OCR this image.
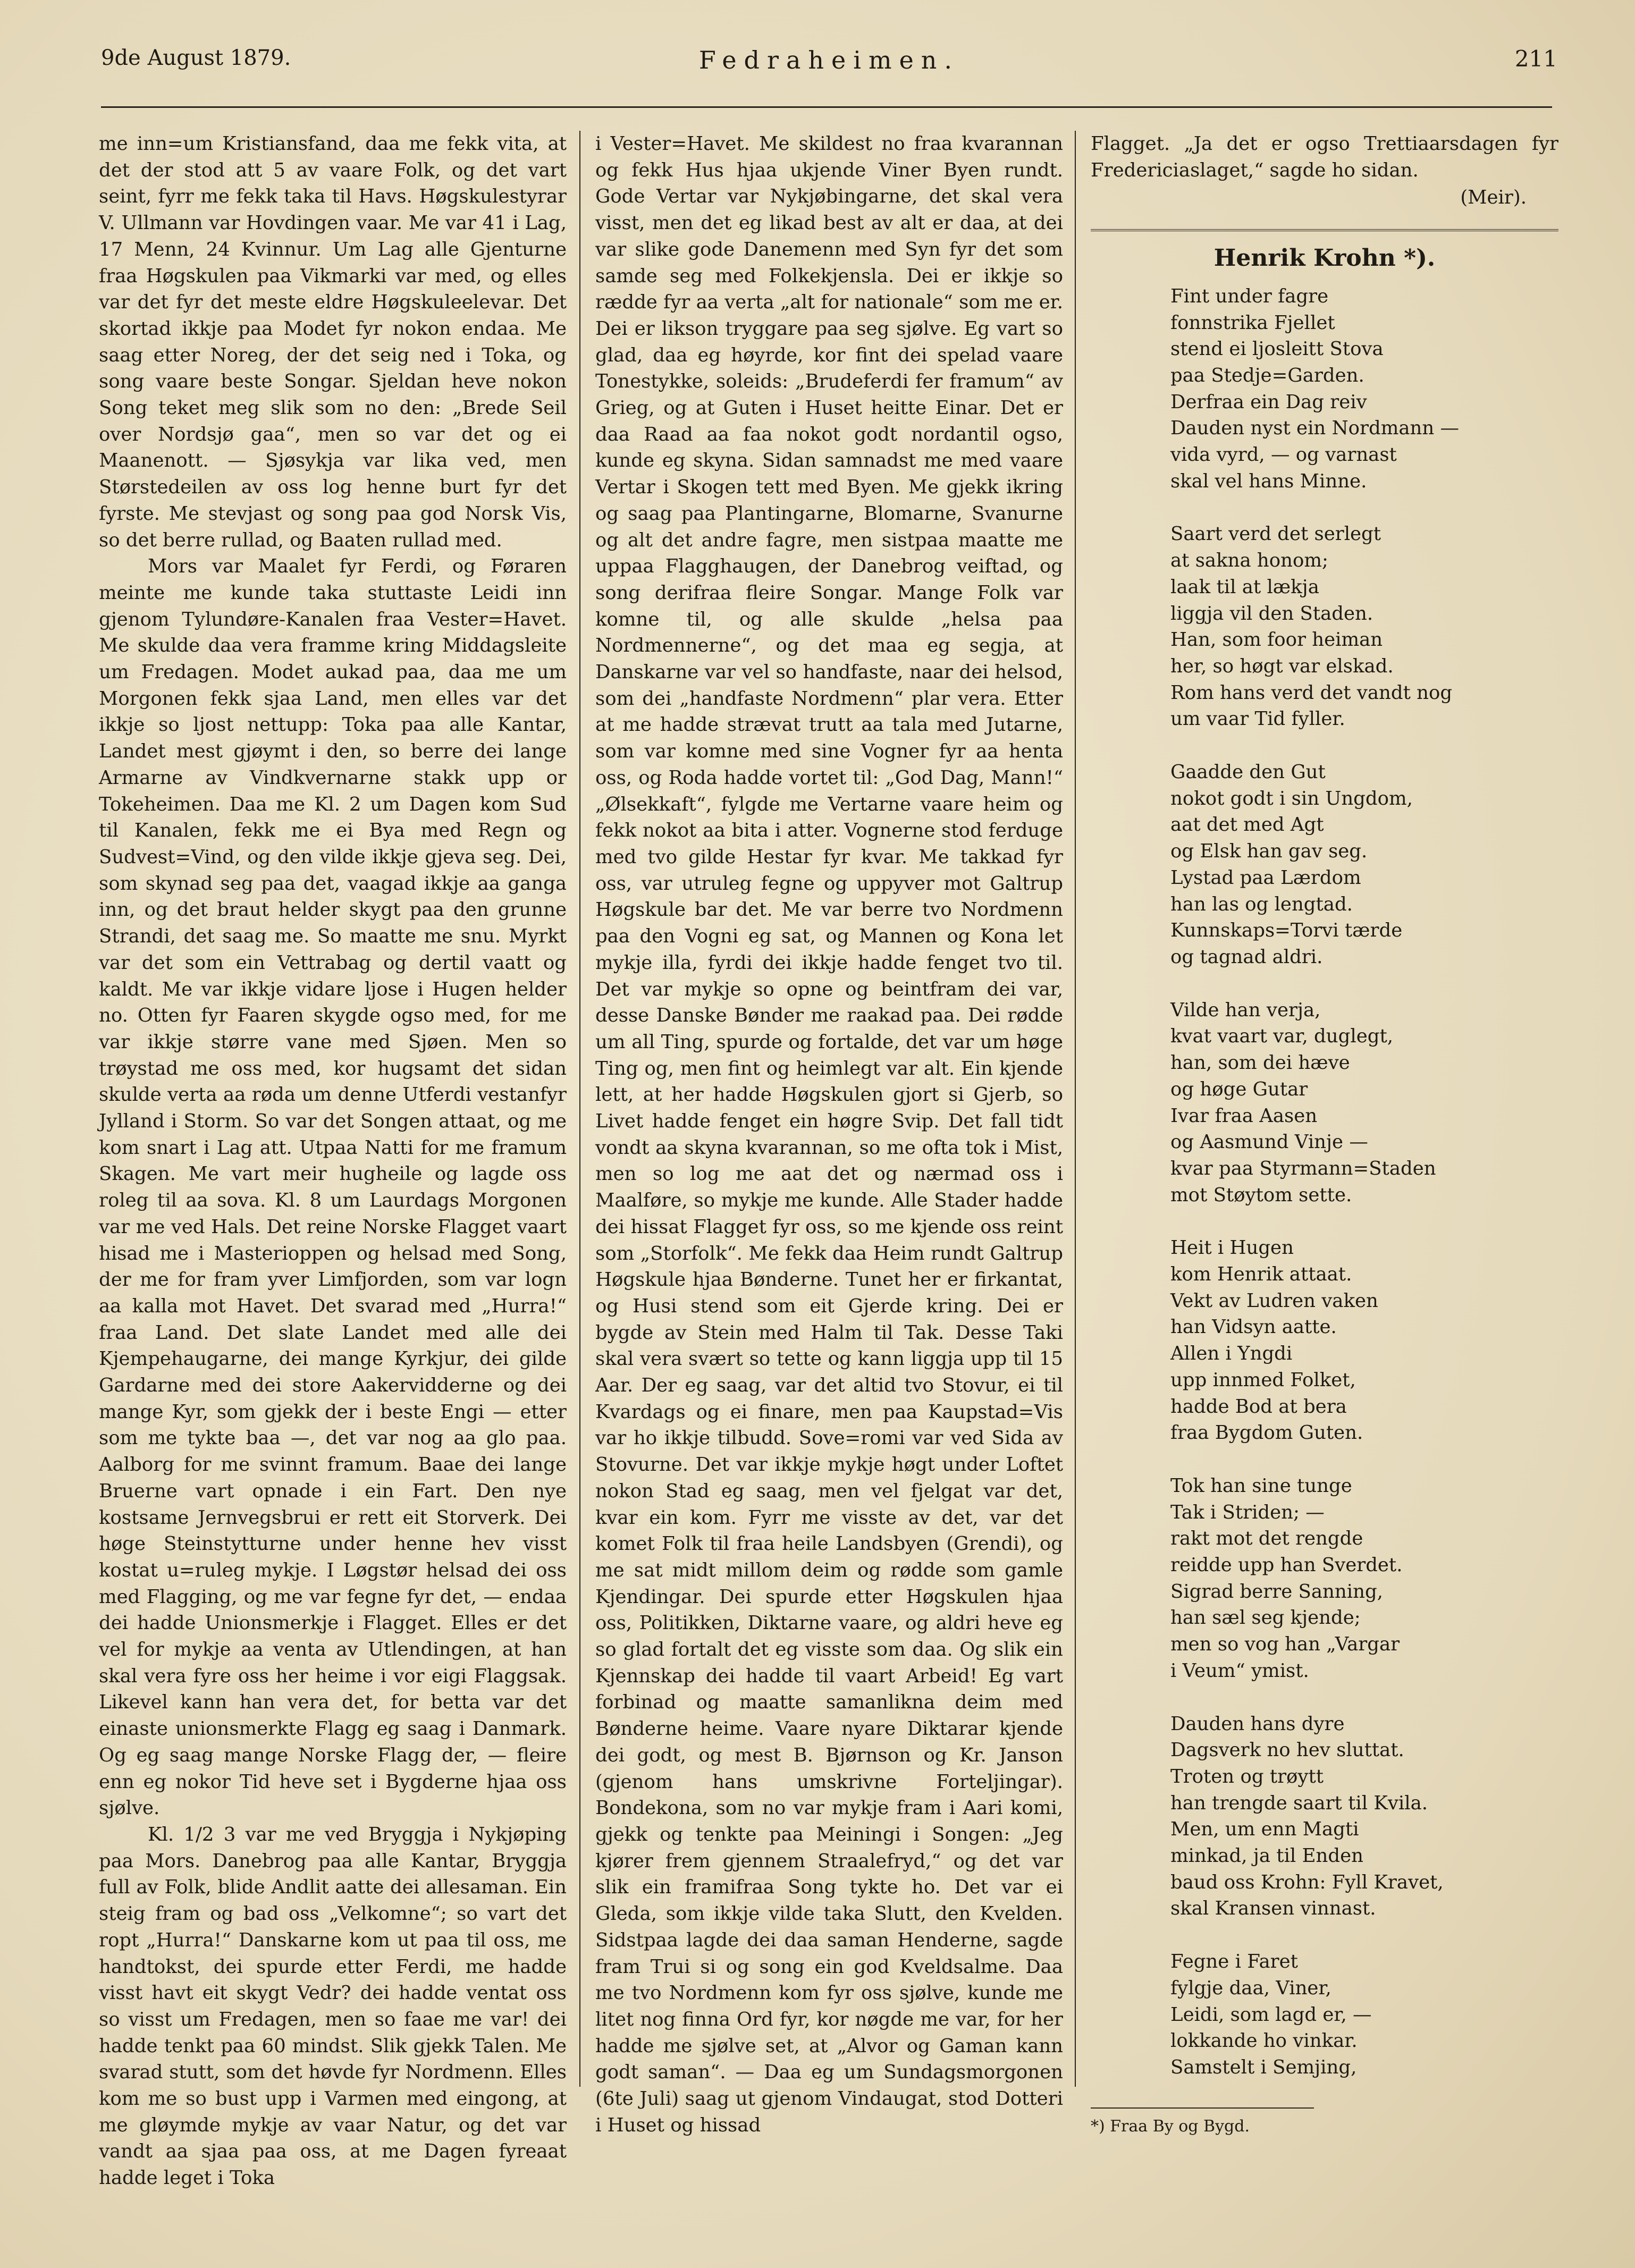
9de August 1879.	Fedraheimen.	211

me inn=um Kristiansfand, daa me fekk vita, at det der stod att 5 av vaare Folk, og det vart seint, fyrr me fekk taka til Havs. Høgskulestyrar V. Ullmann var Hovdingen vaar. Me var 41 i Lag, 17 Menn, 24 Kvinnur. Um Lag alle Gjenturne fraa Høgskulen paa Vikmarki var med, og elles var det fyr det meste eldre Høgskuleelevar. Det skortad ikkje paa Modet fyr nokon endaa. Me saag etter Noreg, der det seig ned i Toka, og song vaare beste Songar. Sjeldan heve nokon Song teket meg slik som no den: „Brede Seil over Nordsjø gaa“, men so var det og ei Maanenott. — Sjøsykja var lika ved, men Størstedeilen av oss log henne burt fyr det fyrste. Me stevjast og song paa god Norsk Vis, so det berre rullad, og Baaten rullad med.

Mors var Maalet fyr Ferdi, og Føraren meinte me kunde taka stuttaste Leidi inn gjenom Tylundøre-Kanalen fraa Vester=Havet. Me skulde daa vera framme kring Middagsleite um Fredagen. Modet aukad paa, daa me um Morgonen fekk sjaa Land, men elles var det ikkje so ljost nettupp: Toka paa alle Kantar, Landet mest gjøymt i den, so berre dei lange Armarne av Vindkvernarne stakk upp or Tokeheimen. Daa me Kl. 2 um Dagen kom Sud til Kanalen, fekk me ei Bya med Regn og Sudvest=Vind, og den vilde ikkje gjeva seg. Dei, som skynad seg paa det, vaagad ikkje aa ganga inn, og det braut helder skygt paa den grunne Strandi, det saag me. So maatte me snu. Myrkt var det som ein Vettrabag og dertil vaatt og kaldt. Me var ikkje vidare ljose i Hugen helder no. Otten fyr Faaren skygde ogso med, for me var ikkje større vane med Sjøen. Men so trøystad me oss med, kor hugsamt det sidan skulde verta aa røda um denne Utferdi vestanfyr Jylland i Storm. So var det Songen attaat, og me kom snart i Lag att. Utpaa Natti for me framum Skagen. Me vart meir hugheile og lagde oss roleg til aa sova. Kl. 8 um Laurdags Morgonen var me ved Hals. Det reine Norske Flagget vaart hisad me i Masterioppen og helsad med Song, der me for fram yver Limfjorden, som var logn aa kalla mot Havet. Det svarad med „Hurra!“ fraa Land. Det slate Landet med alle dei Kjempehaugarne, dei mange Kyrkjur, dei gilde Gardarne med dei store Aakervidderne og dei mange Kyr, som gjekk der i beste Engi — etter som me tykte baa —, det var nog aa glo paa. Aalborg for me svinnt framum. Baae dei lange Bruerne vart opnade i ein Fart. Den nye kostsame Jernvegsbrui er rett eit Storverk. Dei høge Steinstytturne under henne hev visst kostat u=ruleg mykje. I Løgstør helsad dei oss med Flagging, og me var fegne fyr det, — endaa dei hadde Unionsmerkje i Flagget. Elles er det vel for mykje aa venta av Utlendingen, at han skal vera fyre oss her heime i vor eigi Flaggsak. Likevel kann han vera det, for betta var det einaste unionsmerkte Flagg eg saag i Danmark. Og eg saag mange Norske Flagg der, — fleire enn eg nokor Tid heve set i Bygderne hjaa oss sjølve.

Kl. 1/2 3 var me ved Bryggja i Nykjøping paa Mors. Danebrog paa alle Kantar, Bryggja full av Folk, blide Andlit aatte dei allesaman. Ein steig fram og bad oss „Velkomne“; so vart det ropt „Hurra!“ Danskarne kom ut paa til oss, me handtokst, dei spurde etter Ferdi, me hadde visst havt eit skygt Vedr? dei hadde ventat oss so visst um Fredagen, men so faae me var! dei hadde tenkt paa 60 mindst. Slik gjekk Talen. Me svarad stutt, som det høvde fyr Nordmenn. Elles kom me so bust upp i Varmen med eingong, at me gløymde mykje av vaar Natur, og det var vandt aa sjaa paa oss, at me Dagen fyreaat hadde leget i Toka

i Vester=Havet. Me skildest no fraa kvarannan og fekk Hus hjaa ukjende Viner Byen rundt. Gode Vertar var Nykjøbingarne, det skal vera visst, men det eg likad best av alt er daa, at dei var slike gode Danemenn med Syn fyr det som samde seg med Folkekjensla. Dei er ikkje so rædde fyr aa verta „alt for nationale“ som me er. Dei er likson tryggare paa seg sjølve. Eg vart so glad, daa eg høyrde, kor fint dei spelad vaare Tonestykke, soleids: „Brudeferdi fer framum“ av Grieg, og at Guten i Huset heitte Einar. Det er daa Raad aa faa nokot godt nordantil ogso, kunde eg skyna. Sidan samnadst me med vaare Vertar i Skogen tett med Byen. Me gjekk ikring og saag paa Plantingarne, Blomarne, Svanurne og alt det andre fagre, men sistpaa maatte me uppaa Flagghaugen, der Danebrog veiftad, og song derifraa fleire Songar. Mange Folk var komne til, og alle skulde „helsa paa Nordmennerne“, og det maa eg segja, at Danskarne var vel so handfaste, naar dei helsod, som dei „handfaste Nordmenn“ plar vera. Etter at me hadde strævat trutt aa tala med Jutarne, som var komne med sine Vogner fyr aa henta oss, og Roda hadde vortet til: „God Dag, Mann!“ „Ølsekkaft“, fylgde me Vertarne vaare heim og fekk nokot aa bita i atter. Vognerne stod ferduge med tvo gilde Hestar fyr kvar. Me takkad fyr oss, var utruleg fegne og uppyver mot Galtrup Høgskule bar det. Me var berre tvo Nordmenn paa den Vogni eg sat, og Mannen og Kona let mykje illa, fyrdi dei ikkje hadde fenget tvo til. Det var mykje so opne og beintfram dei var, desse Danske Bønder me raakad paa. Dei rødde um all Ting, spurde og fortalde, det var um høge Ting og, men fint og heimlegt var alt. Ein kjende lett, at her hadde Høgskulen gjort si Gjerb, so Livet hadde fenget ein høgre Svip. Det fall tidt vondt aa skyna kvarannan, so me ofta tok i Mist, men so log me aat det og nærmad oss i Maalføre, so mykje me kunde. Alle Stader hadde dei hissat Flagget fyr oss, so me kjende oss reint som „Storfolk“. Me fekk daa Heim rundt Galtrup Høgskule hjaa Bønderne. Tunet her er firkantat, og Husi stend som eit Gjerde kring. Dei er bygde av Stein med Halm til Tak. Desse Taki skal vera svært so tette og kann liggja upp til 15 Aar. Der eg saag, var det altid tvo Stovur, ei til Kvardags og ei finare, men paa Kaupstad=Vis var ho ikkje tilbudd. Sove=romi var ved Sida av Stovurne. Det var ikkje mykje høgt under Loftet nokon Stad eg saag, men vel fjelgat var det, kvar ein kom. Fyrr me visste av det, var det komet Folk til fraa heile Landsbyen (Grendi), og me sat midt millom deim og rødde som gamle Kjendingar. Dei spurde etter Høgskulen hjaa oss, Politikken, Diktarne vaare, og aldri heve eg so glad fortalt det eg visste som daa. Og slik ein Kjennskap dei hadde til vaart Arbeid! Eg vart forbinad og maatte samanlikna deim med Bønderne heime. Vaare nyare Diktarar kjende dei godt, og mest B. Bjørnson og Kr. Janson (gjenom hans umskrivne Forteljingar). Bondekona, som no var mykje fram i Aari komi, gjekk og tenkte paa Meiningi i Songen: „Jeg kjører frem gjennem Straalefryd,“ og det var slik ein framifraa Song tykte ho. Det var ei Gleda, som ikkje vilde taka Slutt, den Kvelden. Sidstpaa lagde dei daa saman Henderne, sagde fram Trui si og song ein god Kveldsalme. Daa me tvo Nordmenn kom fyr oss sjølve, kunde me litet nog finna Ord fyr, kor nøgde me var, for her hadde me sjølve set, at „Alvor og Gaman kann godt saman“. — Daa eg um Sundagsmorgonen (6te Juli) saag ut gjenom Vindaugat, stod Dotteri i Huset og hissad

Flagget. „Ja det er ogso Trettiaarsdagen fyr Fredericiaslaget,“ sagde ho sidan.

(Meir).
Henrik Krohn *).
Fint under fagre
fonnstrika Fjellet
stend ei ljosleitt Stova
paa Stedje=Garden.
Derfraa ein Dag reiv
Dauden nyst ein Nordmann —
vida vyrd, — og varnast
skal vel hans Minne.
Saart verd det serlegt
at sakna honom;
laak til at lækja
liggja vil den Staden.
Han, som foor heiman
her, so høgt var elskad.
Rom hans verd det vandt nog
um vaar Tid fyller.
Gaadde den Gut
nokot godt i sin Ungdom,
aat det med Agt
og Elsk han gav seg.
Lystad paa Lærdom
han las og lengtad.
Kunnskaps=Torvi tærde
og tagnad aldri.
Vilde han verja,
kvat vaart var, duglegt,
han, som dei hæve
og høge Gutar
Ivar fraa Aasen
og Aasmund Vinje —
kvar paa Styrmann=Staden
mot Støytom sette.
Heit i Hugen
kom Henrik attaat.
Vekt av Ludren vaken
han Vidsyn aatte.
Allen i Yngdi
upp innmed Folket,
hadde Bod at bera
fraa Bygdom Guten.
Tok han sine tunge
Tak i Striden; —
rakt mot det rengde
reidde upp han Sverdet.
Sigrad berre Sanning,
han sæl seg kjende;
men so vog han „Vargar
i Veum“ ymist.
Dauden hans dyre
Dagsverk no hev sluttat.
Troten og trøytt
han trengde saart til Kvila.
Men, um enn Magti
minkad, ja til Enden
baud oss Krohn: Fyll Kravet,
skal Kransen vinnast.
Fegne i Faret
fylgje daa, Viner,
Leidi, som lagd er, —
lokkande ho vinkar.
Samstelt i Semjing,
*) Fraa By og Bygd.
